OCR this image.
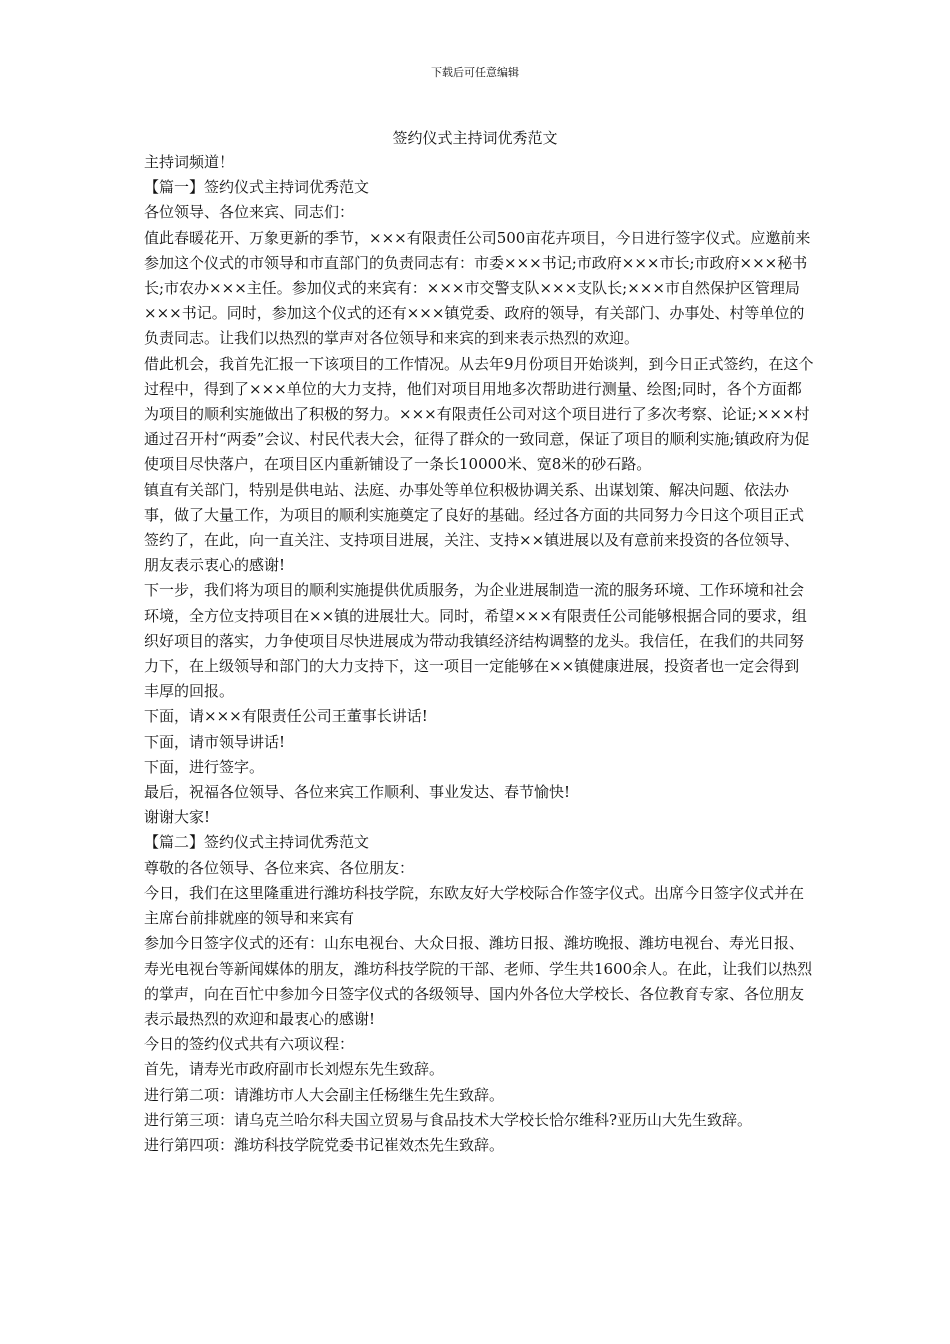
下载后可任意编辑
签约仪式主持词优秀范文

主持词频道！

【篇一】签约仪式主持词优秀范文

各位领导、各位来宾、同志们：

值此春暖花开、万象更新的季节，×××有限责任公司500亩花卉项目，今日进行签字仪式。应邀前来参加这个仪式的市领导和市直部门的负责同志有：市委×××书记;市政府×××市长;市政府×××秘书长;市农办×××主任。参加仪式的来宾有：×××市交警支队×××支队长;×××市自然保护区管理局×××书记。同时，参加这个仪式的还有×××镇党委、政府的领导，有关部门、办事处、村等单位的负责同志。让我们以热烈的掌声对各位领导和来宾的到来表示热烈的欢迎。

借此机会，我首先汇报一下该项目的工作情况。从去年9月份项目开始谈判，到今日正式签约，在这个过程中，得到了×××单位的大力支持，他们对项目用地多次帮助进行测量、绘图;同时，各个方面都为项目的顺利实施做出了积极的努力。×××有限责任公司对这个项目进行了多次考察、论证;×××村通过召开村“两委”会议、村民代表大会，征得了群众的一致同意，保证了项目的顺利实施;镇政府为促使项目尽快落户，在项目区内重新铺设了一条长10000米、宽8米的砂石路。

镇直有关部门，特别是供电站、法庭、办事处等单位积极协调关系、出谋划策、解决问题、依法办事，做了大量工作，为项目的顺利实施奠定了良好的基础。经过各方面的共同努力今日这个项目正式签约了，在此，向一直关注、支持项目进展，关注、支持××镇进展以及有意前来投资的各位领导、朋友表示衷心的感谢!

下一步，我们将为项目的顺利实施提供优质服务，为企业进展制造一流的服务环境、工作环境和社会环境，全方位支持项目在××镇的进展壮大。同时，希望×××有限责任公司能够根据合同的要求，组织好项目的落实，力争使项目尽快进展成为带动我镇经济结构调整的龙头。我信任，在我们的共同努力下，在上级领导和部门的大力支持下，这一项目一定能够在××镇健康进展，投资者也一定会得到丰厚的回报。

下面，请×××有限责任公司王董事长讲话!

下面，请市领导讲话!

下面，进行签字。

最后，祝福各位领导、各位来宾工作顺利、事业发达、春节愉快!

谢谢大家!

【篇二】签约仪式主持词优秀范文

尊敬的各位领导、各位来宾、各位朋友：

今日，我们在这里隆重进行潍坊科技学院，东欧友好大学校际合作签字仪式。出席今日签字仪式并在主席台前排就座的领导和来宾有

参加今日签字仪式的还有：山东电视台、大众日报、潍坊日报、潍坊晚报、潍坊电视台、寿光日报、寿光电视台等新闻媒体的朋友，潍坊科技学院的干部、老师、学生共1600余人。在此，让我们以热烈的掌声，向在百忙中参加今日签字仪式的各级领导、国内外各位大学校长、各位教育专家、各位朋友表示最热烈的欢迎和最衷心的感谢!

今日的签约仪式共有六项议程：

首先，请寿光市政府副市长刘煜东先生致辞。

进行第二项：请潍坊市人大会副主任杨继生先生致辞。

进行第三项：请乌克兰哈尔科夫国立贸易与食品技术大学校长恰尔维科?亚历山大先生致辞。

进行第四项：潍坊科技学院党委书记崔效杰先生致辞。
